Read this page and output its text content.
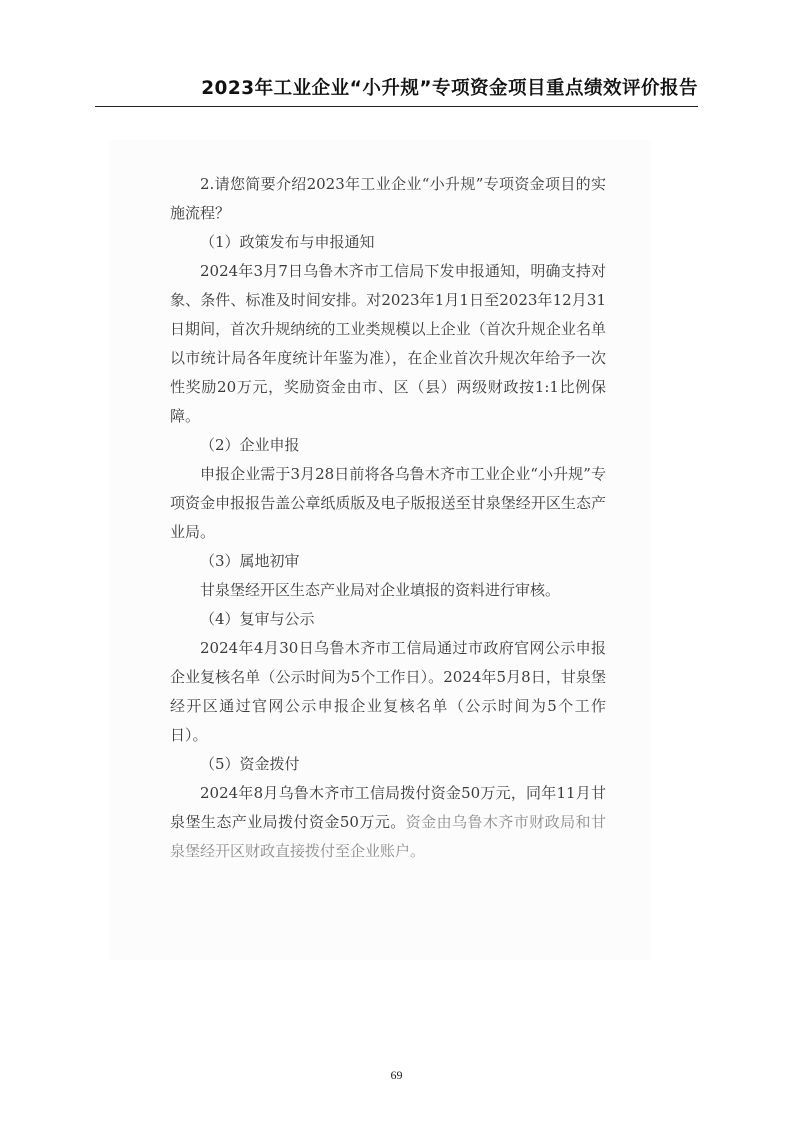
2023年工业企业“小升规”专项资金项目重点绩效评价报告

2.请您简要介绍2023年工业企业“小升规”专项资金项目的实施流程？

（1）政策发布与申报通知

2024年3月7日乌鲁木齐市工信局下发申报通知，明确支持对象、条件、标准及时间安排。对2023年1月1日至2023年12月31日期间，首次升规纳统的工业类规模以上企业（首次升规企业名单以市统计局各年度统计年鉴为准），在企业首次升规次年给予一次性奖励20万元，奖励资金由市、区（县）两级财政按1:1比例保障。

（2）企业申报

申报企业需于3月28日前将各乌鲁木齐市工业企业“小升规”专项资金申报报告盖公章纸质版及电子版报送至甘泉堡经开区生态产业局。

（3）属地初审

甘泉堡经开区生态产业局对企业填报的资料进行审核。

（4）复审与公示

2024年4月30日乌鲁木齐市工信局通过市政府官网公示申报企业复核名单（公示时间为5个工作日）。2024年5月8日，甘泉堡经开区通过官网公示申报企业复核名单（公示时间为5个工作日）。

（5）资金拨付

2024年8月乌鲁木齐市工信局拨付资金50万元，同年11月甘泉堡生态产业局拨付资金50万元。资金由乌鲁木齐市财政局和甘泉堡经开区财政直接拨付至企业账户。

69
